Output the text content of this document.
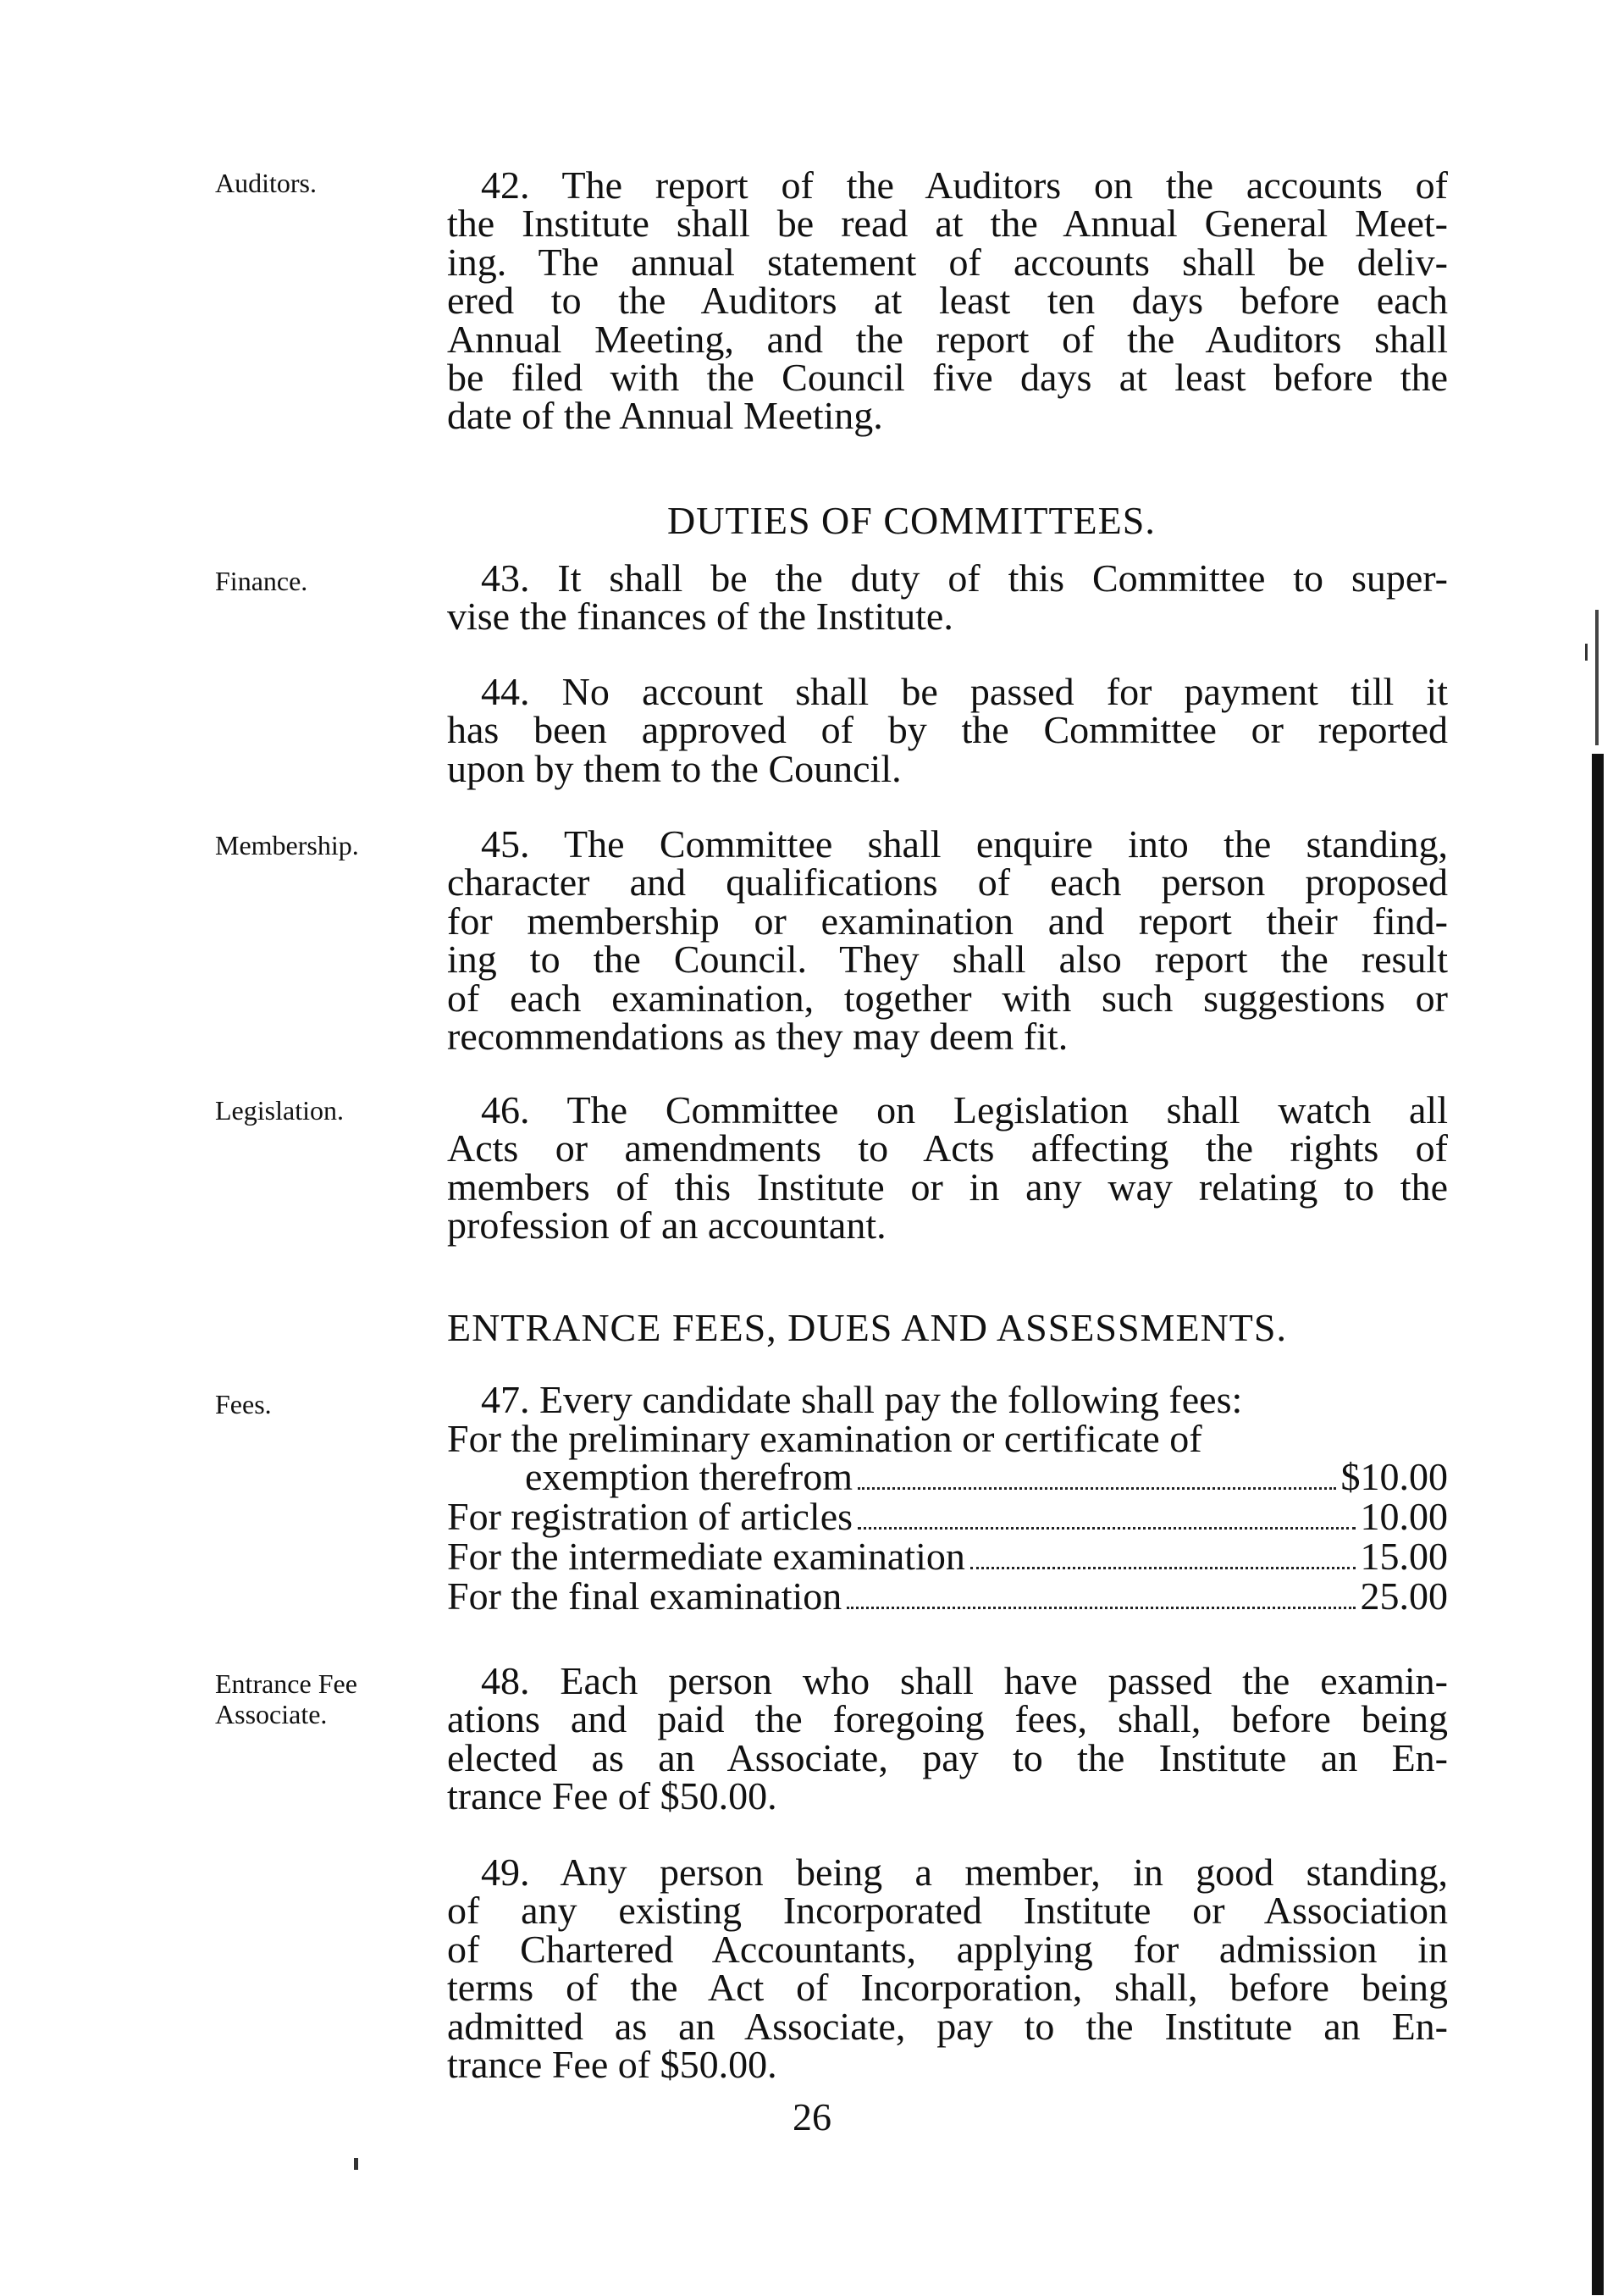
Auditors.
Finance.
Membership.
Legislation.
Fees.
Entrance Fee
Associate.
42. The report of the Auditors on the accounts of
the Institute shall be read at the Annual General Meet-
ing. The annual statement of accounts shall be deliv-
ered to the Auditors at least ten days before each
Annual Meeting, and the report of the Auditors shall
be filed with the Council five days at least before the
date of the Annual Meeting.
DUTIES OF COMMITTEES.
43. It shall be the duty of this Committee to super-
vise the finances of the Institute.
44. No account shall be passed for payment till it
has been approved of by the Committee or reported
upon by them to the Council.
45. The Committee shall enquire into the standing,
character and qualifications of each person proposed
for membership or examination and report their find-
ing to the Council. They shall also report the result
of each examination, together with such suggestions or
recommendations as they may deem fit.
46. The Committee on Legislation shall watch all
Acts or amendments to Acts affecting the rights of
members of this Institute or in any way relating to the
profession of an accountant.
ENTRANCE FEES, DUES AND ASSESSMENTS.
47. Every candidate shall pay the following fees:
For the preliminary examination or certificate of
exemption therefrom	$10.00
For registration of articles	10.00
For the intermediate examination	15.00
For the final examination	25.00
48. Each person who shall have passed the examin-
ations and paid the foregoing fees, shall, before being
elected as an Associate, pay to the Institute an En-
trance Fee of $50.00.
49. Any person being a member, in good standing,
of any existing Incorporated Institute or Association
of Chartered Accountants, applying for admission in
terms of the Act of Incorporation, shall, before being
admitted as an Associate, pay to the Institute an En-
trance Fee of $50.00.
26
